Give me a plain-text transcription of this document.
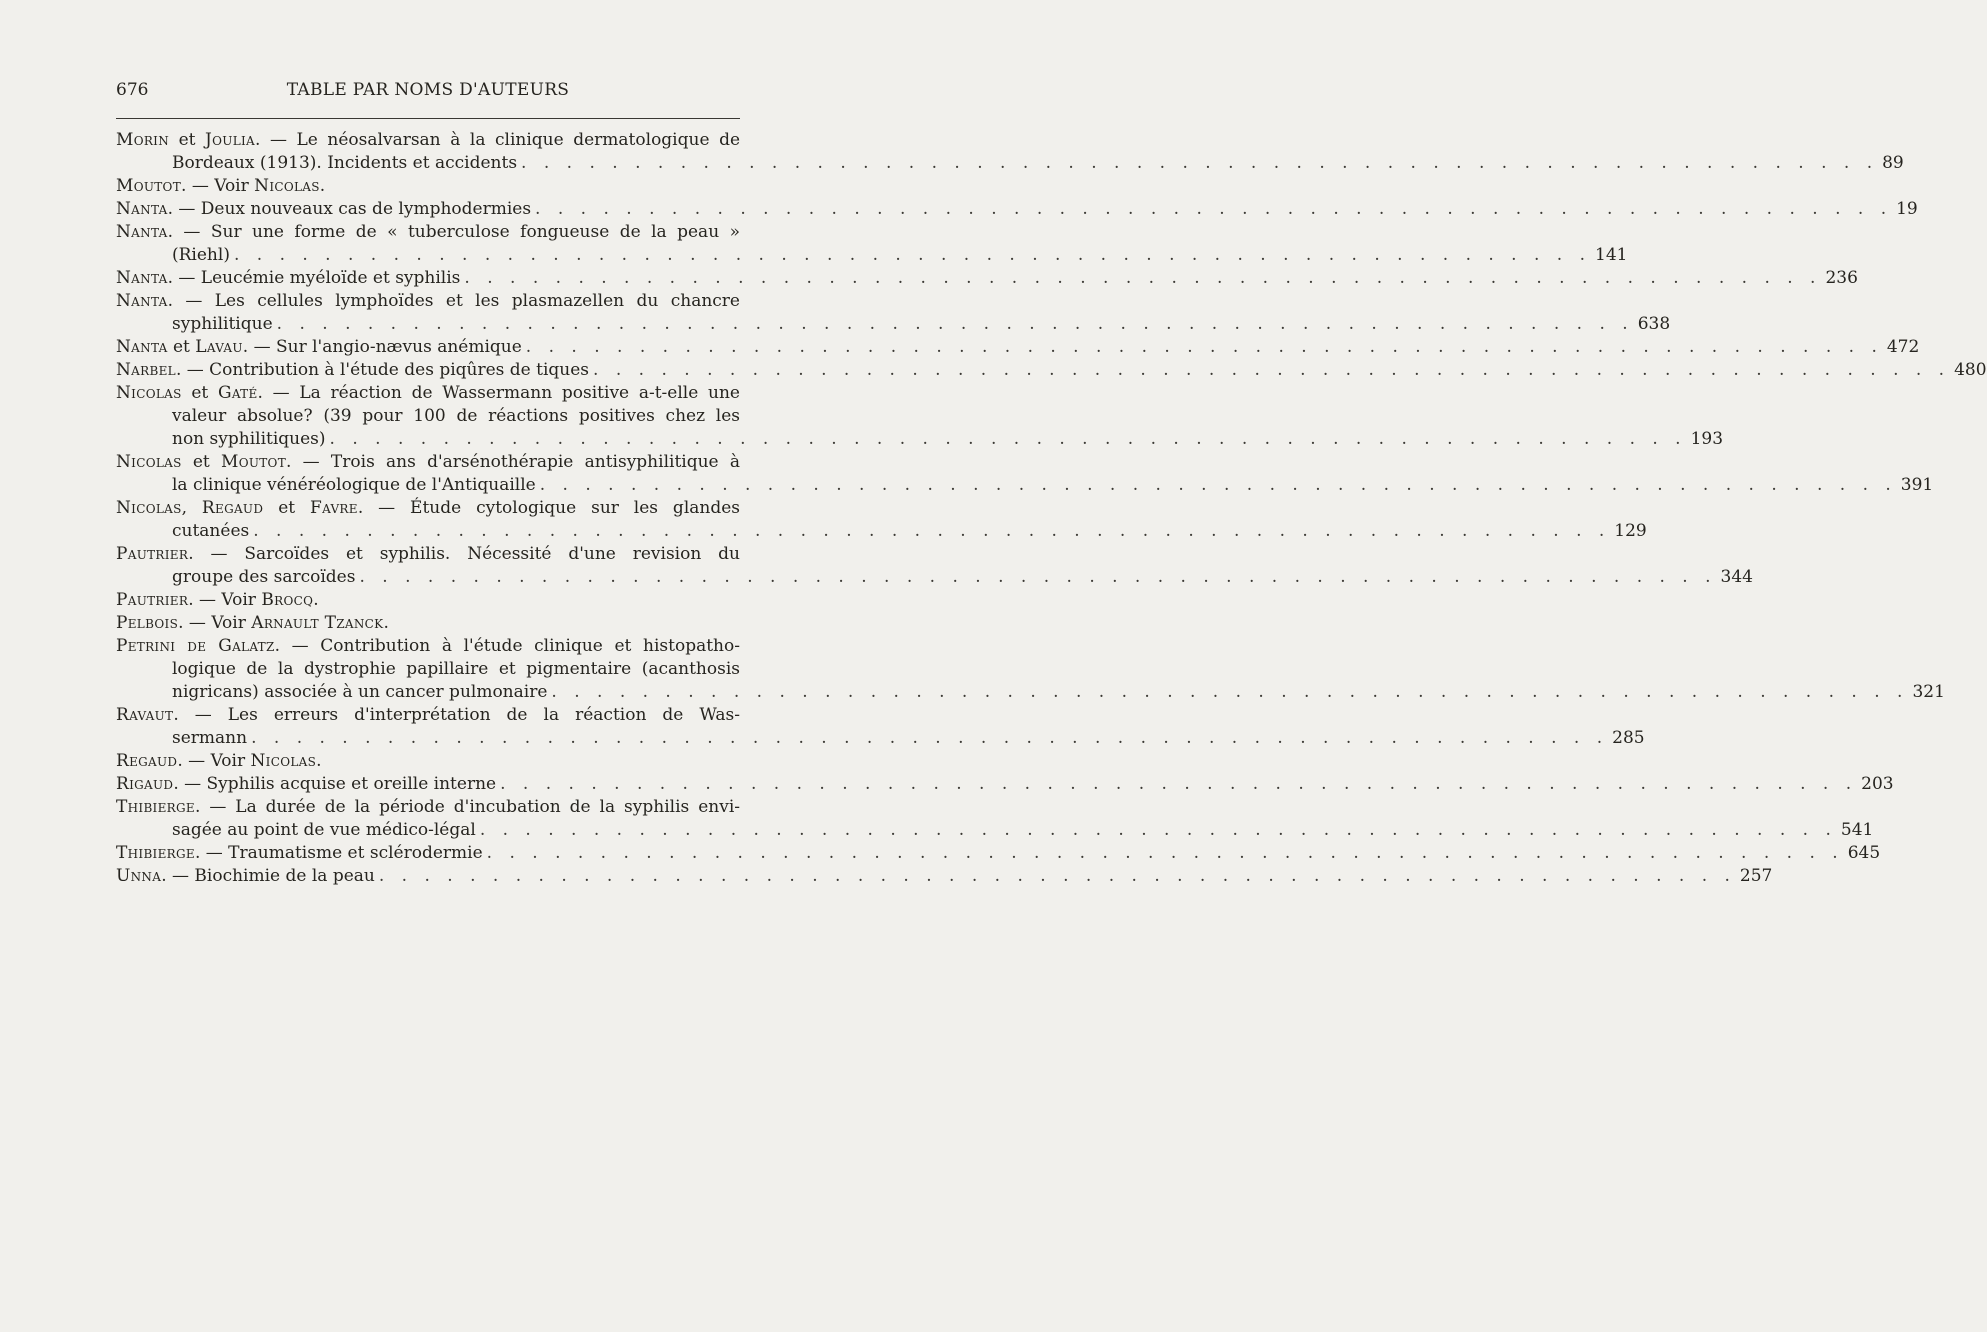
676	TABLE PAR NOMS D'AUTEURS
Morin et Joulia. — Le néosalvarsan à la clinique dermatologique de
Bordeaux (1913). Incidents et accidents . . . . . . . . . . . . . . . . . . . . . . . . . . . . . . . . . . . . . . . . . . . . . . . . . . . . . . . . . . . . 89
Moutot. — Voir Nicolas.
Nanta. — Deux nouveaux cas de lymphodermies . . . . . . . . . . . . . . . . . . . . . . . . . . . . . . . . . . . . . . . . . . . . . . . . . . . . . . . . . . . . 19
Nanta. — Sur une forme de « tuberculose fongueuse de la peau »
(Riehl) . . . . . . . . . . . . . . . . . . . . . . . . . . . . . . . . . . . . . . . . . . . . . . . . . . . . . . . . . . . . 141
Nanta. — Leucémie myéloïde et syphilis . . . . . . . . . . . . . . . . . . . . . . . . . . . . . . . . . . . . . . . . . . . . . . . . . . . . . . . . . . . . 236
Nanta. — Les cellules lymphoïdes et les plasmazellen du chancre
syphilitique . . . . . . . . . . . . . . . . . . . . . . . . . . . . . . . . . . . . . . . . . . . . . . . . . . . . . . . . . . . . 638
Nanta et Lavau. — Sur l'angio-nævus anémique . . . . . . . . . . . . . . . . . . . . . . . . . . . . . . . . . . . . . . . . . . . . . . . . . . . . . . . . . . . . 472
Narbel. — Contribution à l'étude des piqûres de tiques . . . . . . . . . . . . . . . . . . . . . . . . . . . . . . . . . . . . . . . . . . . . . . . . . . . . . . . . . . . . 480
Nicolas et Gaté. — La réaction de Wassermann positive a-t-elle une
valeur absolue? (39 pour 100 de réactions positives chez les
non syphilitiques) . . . . . . . . . . . . . . . . . . . . . . . . . . . . . . . . . . . . . . . . . . . . . . . . . . . . . . . . . . . . 193
Nicolas et Moutot. — Trois ans d'arsénothérapie antisyphilitique à
la clinique vénéréologique de l'Antiquaille . . . . . . . . . . . . . . . . . . . . . . . . . . . . . . . . . . . . . . . . . . . . . . . . . . . . . . . . . . . . 391
Nicolas, Regaud et Favre. — Étude cytologique sur les glandes
cutanées . . . . . . . . . . . . . . . . . . . . . . . . . . . . . . . . . . . . . . . . . . . . . . . . . . . . . . . . . . . . 129
Pautrier. — Sarcoïdes et syphilis. Nécessité d'une revision du
groupe des sarcoïdes . . . . . . . . . . . . . . . . . . . . . . . . . . . . . . . . . . . . . . . . . . . . . . . . . . . . . . . . . . . . 344
Pautrier. — Voir Brocq.
Pelbois. — Voir Arnault Tzanck.
Petrini de Galatz. — Contribution à l'étude clinique et histopatho-
logique de la dystrophie papillaire et pigmentaire (acanthosis
nigricans) associée à un cancer pulmonaire . . . . . . . . . . . . . . . . . . . . . . . . . . . . . . . . . . . . . . . . . . . . . . . . . . . . . . . . . . . . 321
Ravaut. — Les erreurs d'interprétation de la réaction de Was-
sermann . . . . . . . . . . . . . . . . . . . . . . . . . . . . . . . . . . . . . . . . . . . . . . . . . . . . . . . . . . . . 285
Regaud. — Voir Nicolas.
Rigaud. — Syphilis acquise et oreille interne . . . . . . . . . . . . . . . . . . . . . . . . . . . . . . . . . . . . . . . . . . . . . . . . . . . . . . . . . . . . 203
Thibierge. — La durée de la période d'incubation de la syphilis envi-
sagée au point de vue médico-légal . . . . . . . . . . . . . . . . . . . . . . . . . . . . . . . . . . . . . . . . . . . . . . . . . . . . . . . . . . . . 541
Thibierge. — Traumatisme et sclérodermie . . . . . . . . . . . . . . . . . . . . . . . . . . . . . . . . . . . . . . . . . . . . . . . . . . . . . . . . . . . . 645
Unna. — Biochimie de la peau . . . . . . . . . . . . . . . . . . . . . . . . . . . . . . . . . . . . . . . . . . . . . . . . . . . . . . . . . . . . 257
